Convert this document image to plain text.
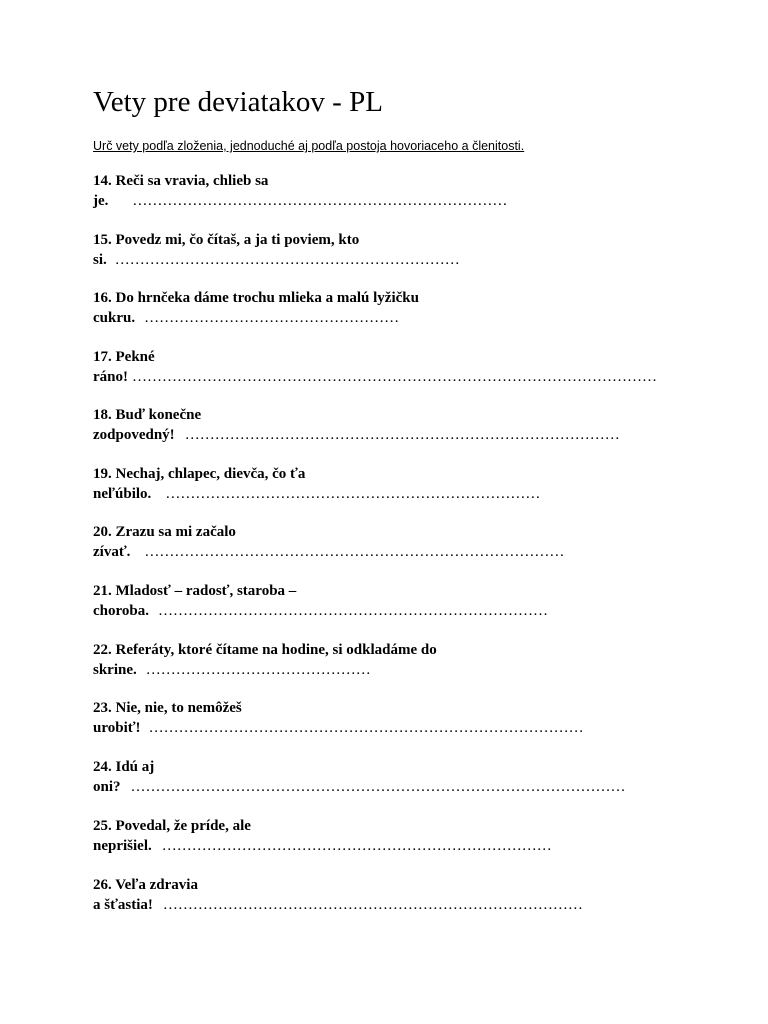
Vety pre deviatakov - PL

Urč vety podľa zloženia, jednoduché aj podľa postoja hovoriaceho a členitosti.

14. Reči sa vravia, chlieb sa
je. …………………………………………………………………
15. Povedz mi, čo čítaš, a ja ti poviem, kto
si. ……………………………………………………………
16. Do hrnčeka dáme trochu mlieka a malú lyžičku
cukru. ……………………………………………
17. Pekné
ráno! ……………………………………………………………………………………………
18. Buď konečne
zodpovedný! ……………………………………………………………………………
19. Nechaj, chlapec, dievča, čo ťa
neľúbilo. …………………………………………………………………
20. Zrazu sa mi začalo
zívať. …………………………………………………………………………
21. Mladosť – radosť, staroba –
choroba. ……………………………………………………………………
22. Referáty, ktoré čítame na hodine, si odkladáme do
skrine. ………………………………………
23. Nie, nie, to nemôžeš
urobiť! ……………………………………………………………………………
24. Idú aj
oni? ………………………………………………………………………………………
25. Povedal, že príde, ale
neprišiel. ……………………………………………………………………
26. Veľa zdravia
a šťastia! …………………………………………………………………………
